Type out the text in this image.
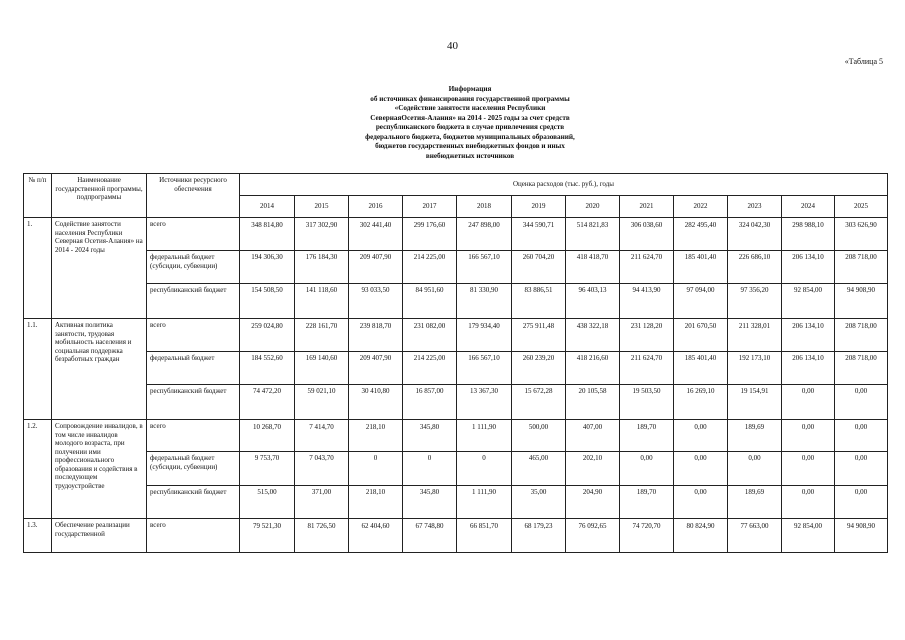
40
«Таблица 5
Информация
об источниках финансирования государственной программы
«Содействие занятости населения Республики
СевернаяОсетия-Алания» на 2014 - 2025 годы за счет средств
республиканского бюджета в случае привлечения средств
федерального бюджета, бюджетов муниципальных образований,
бюджетов государственных внебюджетных фондов и иных
внебюджетных источников
№ п/п	Наименование государственной программы, подпрограммы	Источники ресурсного обеспечения	Оценка расходов (тыс. руб.), годы											
			2014	2015	2016	2017	2018	2019	2020	2021	2022	2023	2024	2025
1.	Содействие занятости населения Республики Северная Осетия-Алания» на 2014 - 2024 годы	всего	348 814,80	317 302,90	302 441,40	299 176,60	247 898,00	344 590,71	514 821,83	306 038,60	282 495,40	324 042,30	298 988,10	303 626,90
		федеральный бюджет (субсидии, субвенции)	194 306,30	176 184,30	209 407,90	214 225,00	166 567,10	260 704,20	418 418,70	211 624,70	185 401,40	226 686,10	206 134,10	208 718,00
		республиканский бюджет	154 508,50	141 118,60	93 033,50	84 951,60	81 330,90	83 886,51	96 403,13	94 413,90	97 094,00	97 356,20	92 854,00	94 908,90
1.1.	Активная политика занятости, трудовая мобильность населения и социальная поддержка безработных граждан	всего	259 024,80	228 161,70	239 818,70	231 082,00	179 934,40	275 911,48	438 322,18	231 128,20	201 670,50	211 328,01	206 134,10	208 718,00
		федеральный бюджет	184 552,60	169 140,60	209 407,90	214 225,00	166 567,10	260 239,20	418 216,60	211 624,70	185 401,40	192 173,10	206 134,10	208 718,00
		республиканский бюджет	74 472,20	59 021,10	30 410,80	16 857,00	13 367,30	15 672,28	20 105,58	19 503,50	16 269,10	19 154,91	0,00	0,00
1.2.	Сопровождение инвалидов, в том числе инвалидов молодого возраста, при получении ими профессионального образования и содействия в последующем трудоустройстве	всего	10 268,70	7 414,70	218,10	345,80	1 111,90	500,00	407,00	189,70	0,00	189,69	0,00	0,00
		федеральный бюджет (субсидии, субвенции)	9 753,70	7 043,70	0	0	0	465,00	202,10	0,00	0,00	0,00	0,00	0,00
		республиканский бюджет	515,00	371,00	218,10	345,80	1 111,90	35,00	204,90	189,70	0,00	189,69	0,00	0,00
1.3.	Обеспечение реализации государственной	всего	79 521,30	81 726,50	62 404,60	67 748,80	66 851,70	68 179,23	76 092,65	74 720,70	80 824,90	77 663,00	92 854,00	94 908,90
